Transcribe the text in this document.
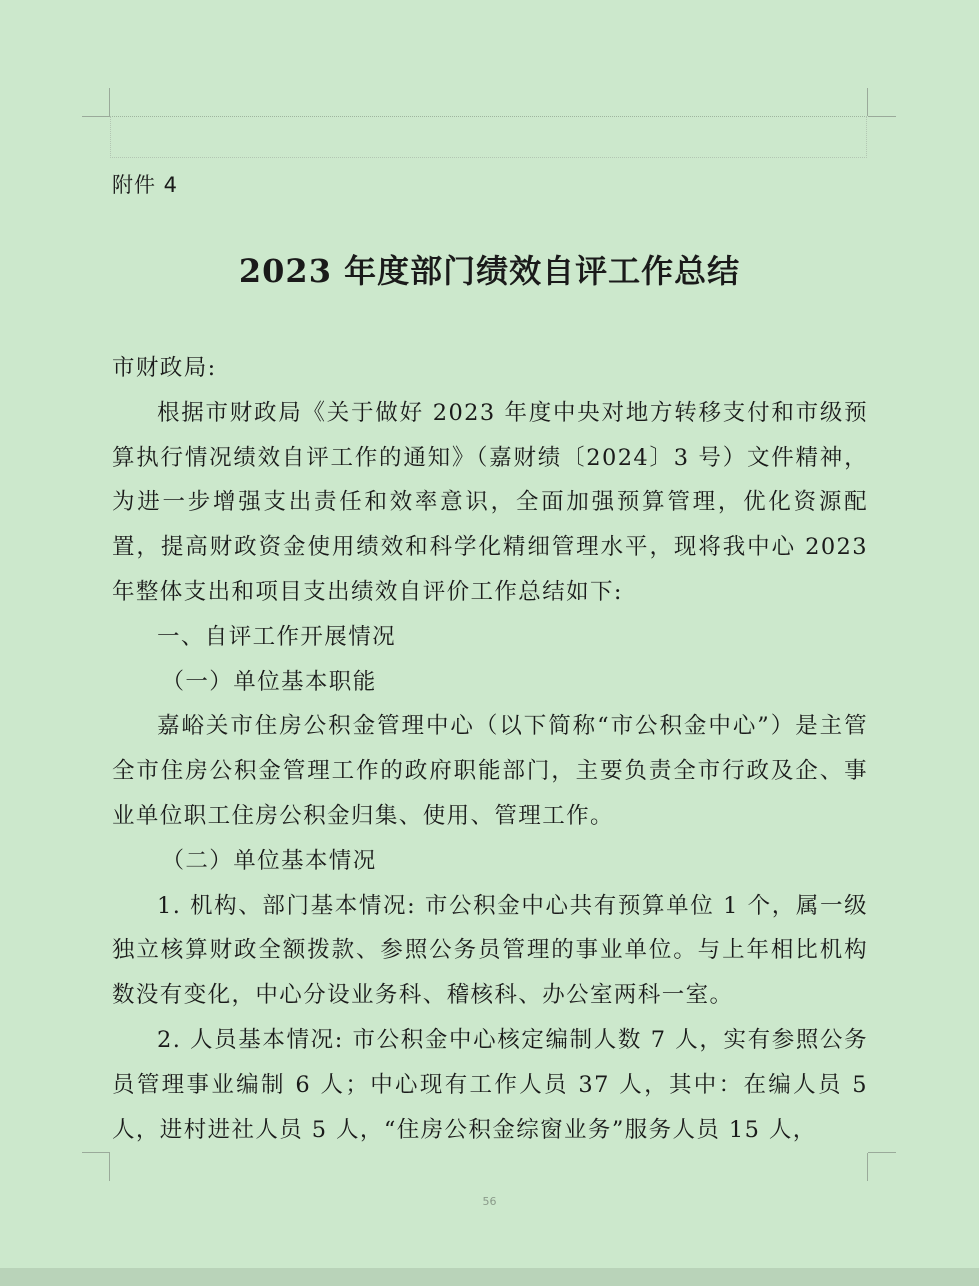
附件 4
2023 年度部门绩效自评工作总结

市财政局:

根据市财政局《关于做好 2023 年度中央对地方转移支付和市级预算执行情况绩效自评工作的通知》（嘉财绩〔2024〕3 号）文件精神，为进一步增强支出责任和效率意识，全面加强预算管理，优化资源配置，提高财政资金使用绩效和科学化精细管理水平，现将我中心 2023 年整体支出和项目支出绩效自评价工作总结如下:

一、自评工作开展情况

（一）单位基本职能

嘉峪关市住房公积金管理中心（以下简称“市公积金中心”）是主管全市住房公积金管理工作的政府职能部门，主要负责全市行政及企、事业单位职工住房公积金归集、使用、管理工作。

（二）单位基本情况

1. 机构、部门基本情况: 市公积金中心共有预算单位 1 个，属一级独立核算财政全额拨款、参照公务员管理的事业单位。与上年相比机构数没有变化，中心分设业务科、稽核科、办公室两科一室。

2. 人员基本情况: 市公积金中心核定编制人数 7 人，实有参照公务员管理事业编制 6 人；中心现有工作人员 37 人，其中：在编人员 5 人，进村进社人员 5 人，“住房公积金综窗业务”服务人员 15 人，

56
